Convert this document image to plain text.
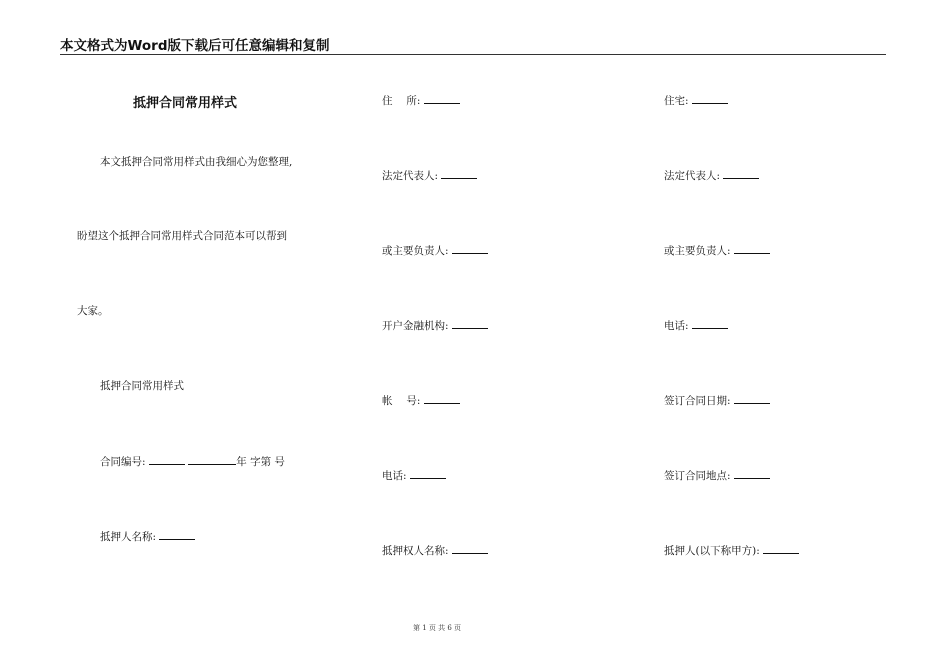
本文格式为Word版下载后可任意编辑和复制
抵押合同常用样式
本文抵押合同常用样式由我细心为您整理,
盼望这个抵押合同常用样式合同范本可以帮到
大家。
抵押合同常用样式
合同编号:	年 字第 号
抵押人名称:
住　 所:
法定代表人:
或主要负责人:
开户金融机构:
帐　 号:
电话:
抵押权人名称:
住宅:
法定代表人:
或主要负责人:
电话:
签订合同日期:
签订合同地点:
抵押人(以下称甲方):
第 1 页 共 6 页
